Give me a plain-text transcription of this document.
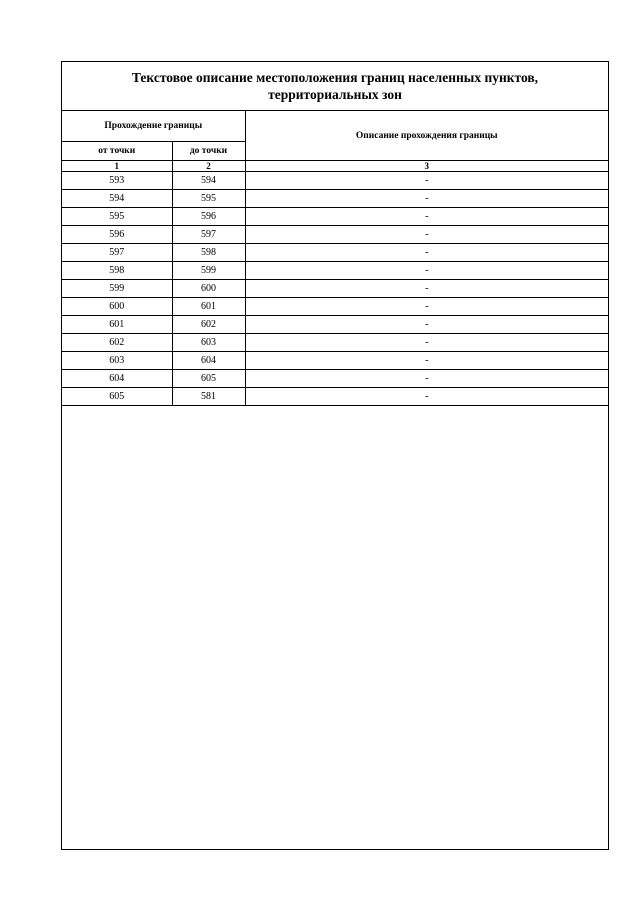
Текстовое описание местоположения границ населенных пунктов,
территориальных зон
Прохождение границы		Описание прохождения границы
от точки	до точки	
1	2	3
593	594	-
594	595	-
595	596	-
596	597	-
597	598	-
598	599	-
599	600	-
600	601	-
601	602	-
602	603	-
603	604	-
604	605	-
605	581	-
